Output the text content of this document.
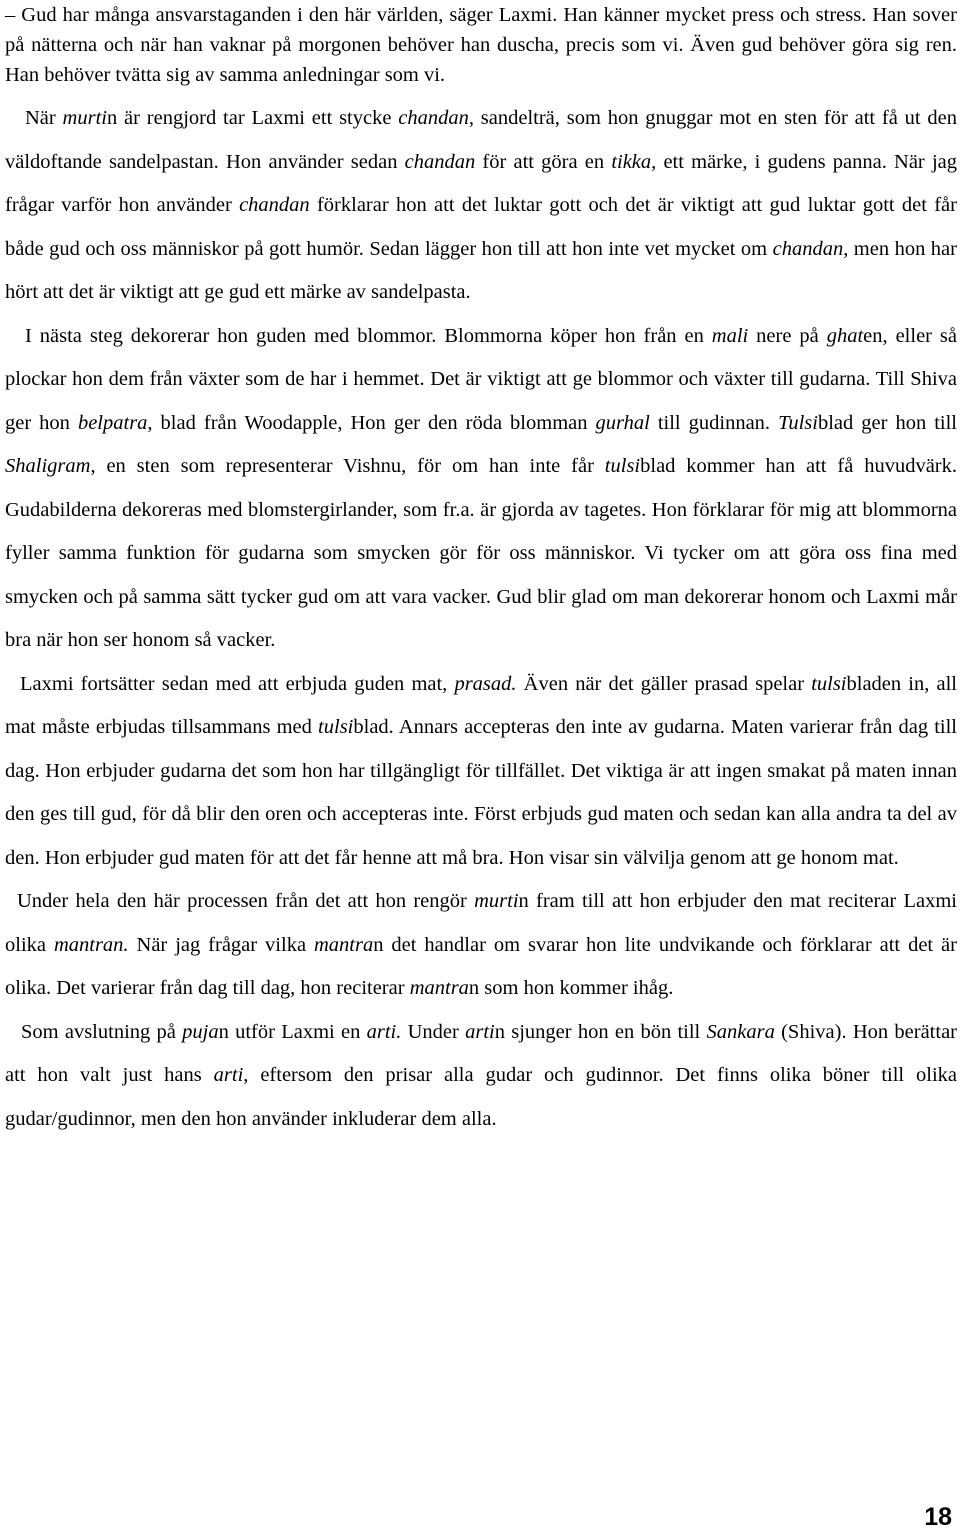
– Gud har många ansvarstaganden i den här världen, säger Laxmi. Han känner mycket press och stress. Han sover på nätterna och när han vaknar på morgonen behöver han duscha, precis som vi. Även gud behöver göra sig ren. Han behöver tvätta sig av samma anledningar som vi.
När murtin är rengjord tar Laxmi ett stycke chandan, sandelträ, som hon gnuggar mot en sten för att få ut den väldoftande sandelpastan. Hon använder sedan chandan för att göra en tikka, ett märke, i gudens panna. När jag frågar varför hon använder chandan förklarar hon att det luktar gott och det är viktigt att gud luktar gott det får både gud och oss människor på gott humör. Sedan lägger hon till att hon inte vet mycket om chandan, men hon har hört att det är viktigt att ge gud ett märke av sandelpasta.
I nästa steg dekorerar hon guden med blommor. Blommorna köper hon från en mali nere på ghaten, eller så plockar hon dem från växter som de har i hemmet. Det är viktigt att ge blommor och växter till gudarna. Till Shiva ger hon belpatra, blad från Woodapple, Hon ger den röda blomman gurhal till gudinnan. Tulsiblad ger hon till Shaligram, en sten som representerar Vishnu, för om han inte får tulsiblad kommer han att få huvudvärk. Gudabilderna dekoreras med blomstergirlander, som fr.a. är gjorda av tagetes. Hon förklarar för mig att blommorna fyller samma funktion för gudarna som smycken gör för oss människor. Vi tycker om att göra oss fina med smycken och på samma sätt tycker gud om att vara vacker. Gud blir glad om man dekorerar honom och Laxmi mår bra när hon ser honom så vacker.
Laxmi fortsätter sedan med att erbjuda guden mat, prasad. Även när det gäller prasad spelar tulsibladen in, all mat måste erbjudas tillsammans med tulsiblad. Annars accepteras den inte av gudarna. Maten varierar från dag till dag. Hon erbjuder gudarna det som hon har tillgängligt för tillfället. Det viktiga är att ingen smakat på maten innan den ges till gud, för då blir den oren och accepteras inte. Först erbjuds gud maten och sedan kan alla andra ta del av den. Hon erbjuder gud maten för att det får henne att må bra. Hon visar sin välvilja genom att ge honom mat.
Under hela den här processen från det att hon rengör murtin fram till att hon erbjuder den mat reciterar Laxmi olika mantran. När jag frågar vilka mantran det handlar om svarar hon lite undvikande och förklarar att det är olika. Det varierar från dag till dag, hon reciterar mantran som hon kommer ihåg.
Som avslutning på pujan utför Laxmi en arti. Under artin sjunger hon en bön till Sankara (Shiva). Hon berättar att hon valt just hans arti, eftersom den prisar alla gudar och gudinnor. Det finns olika böner till olika gudar/gudinnor, men den hon använder inkluderar dem alla.
18
